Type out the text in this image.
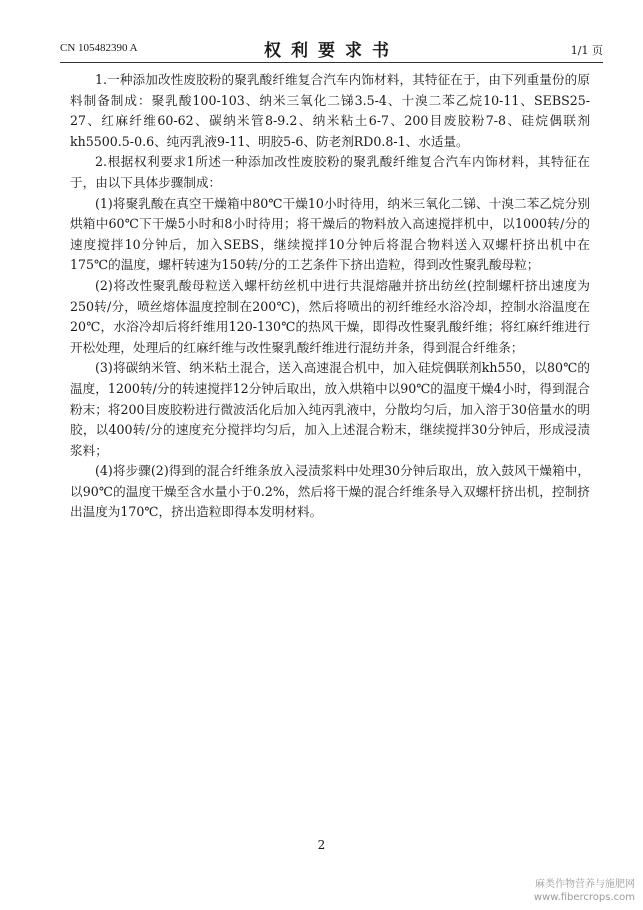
CN 105482390 A	权利要求书	1/1 页

1.一种添加改性废胶粉的聚乳酸纤维复合汽车内饰材料，其特征在于，由下列重量份的原料制备制成：聚乳酸100-103、纳米三氧化二锑3.5-4、十溴二苯乙烷10-11、SEBS25-27、红麻纤维60-62、碳纳米管8-9.2、纳米粘土6-7、200目废胶粉7-8、硅烷偶联剂kh5500.5-0.6、纯丙乳液9-11、明胶5-6、防老剂RD0.8-1、水适量。

2.根据权利要求1所述一种添加改性废胶粉的聚乳酸纤维复合汽车内饰材料，其特征在于，由以下具体步骤制成：

(1)将聚乳酸在真空干燥箱中80℃干燥10小时待用，纳米三氧化二锑、十溴二苯乙烷分别烘箱中60℃下干燥5小时和8小时待用；将干燥后的物料放入高速搅拌机中，以1000转/分的速度搅拌10分钟后，加入SEBS，继续搅拌10分钟后将混合物料送入双螺杆挤出机中在175℃的温度，螺杆转速为150转/分的工艺条件下挤出造粒，得到改性聚乳酸母粒；

(2)将改性聚乳酸母粒送入螺杆纺丝机中进行共混熔融并挤出纺丝(控制螺杆挤出速度为250转/分，喷丝熔体温度控制在200℃)，然后将喷出的初纤维经水浴冷却，控制水浴温度在20℃，水浴冷却后将纤维用120-130℃的热风干燥，即得改性聚乳酸纤维；将红麻纤维进行开松处理，处理后的红麻纤维与改性聚乳酸纤维进行混纺并条，得到混合纤维条；

(3)将碳纳米管、纳米粘土混合，送入高速混合机中，加入硅烷偶联剂kh550，以80℃的温度，1200转/分的转速搅拌12分钟后取出，放入烘箱中以90℃的温度干燥4小时，得到混合粉末；将200目废胶粉进行微波活化后加入纯丙乳液中，分散均匀后，加入溶于30倍量水的明胶，以400转/分的速度充分搅拌均匀后，加入上述混合粉末，继续搅拌30分钟后，形成浸渍浆料；

(4)将步骤(2)得到的混合纤维条放入浸渍浆料中处理30分钟后取出，放入鼓风干燥箱中，以90℃的温度干燥至含水量小于0.2%，然后将干燥的混合纤维条导入双螺杆挤出机，控制挤出温度为170℃，挤出造粒即得本发明材料。

2
麻类作物营养与施肥网
www.fibercrops.com
